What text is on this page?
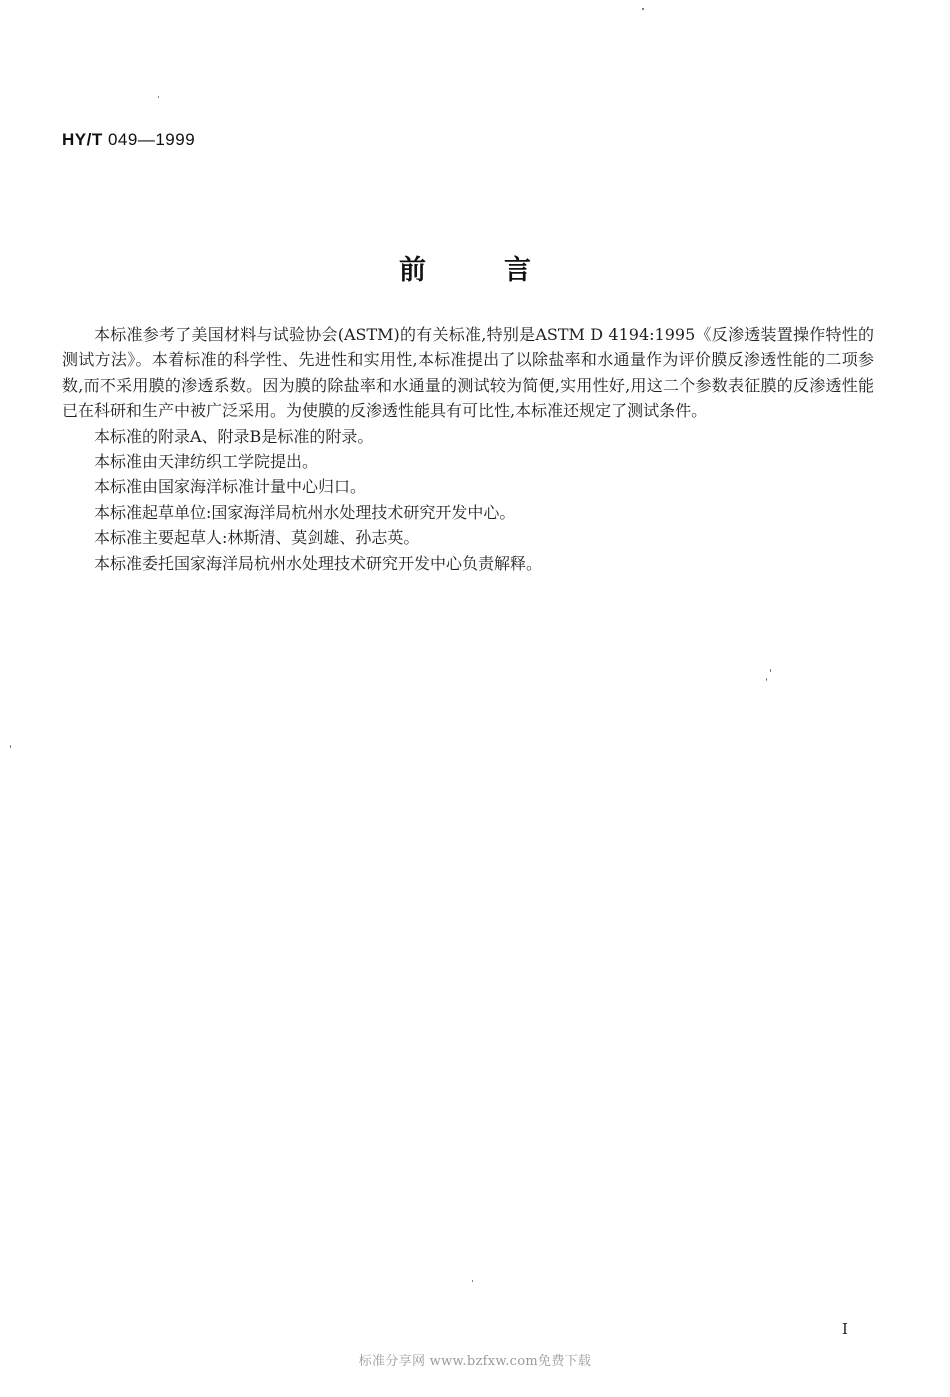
HY/T 049—1999
前言

本标准参考了美国材料与试验协会(ASTM)的有关标准,特别是ASTM D 4194:1995《反渗透装置操作特性的测试方法》。本着标准的科学性、先进性和实用性,本标准提出了以除盐率和水通量作为评价膜反渗透性能的二项参数,而不采用膜的渗透系数。因为膜的除盐率和水通量的测试较为简便,实用性好,用这二个参数表征膜的反渗透性能已在科研和生产中被广泛采用。为使膜的反渗透性能具有可比性,本标准还规定了测试条件。

本标准的附录A、附录B是标准的附录。

本标准由天津纺织工学院提出。

本标准由国家海洋标准计量中心归口。

本标准起草单位:国家海洋局杭州水处理技术研究开发中心。

本标准主要起草人:林斯清、莫剑雄、孙志英。

本标准委托国家海洋局杭州水处理技术研究开发中心负责解释。

I
标准分享网 www.bzfxw.com免费下载
